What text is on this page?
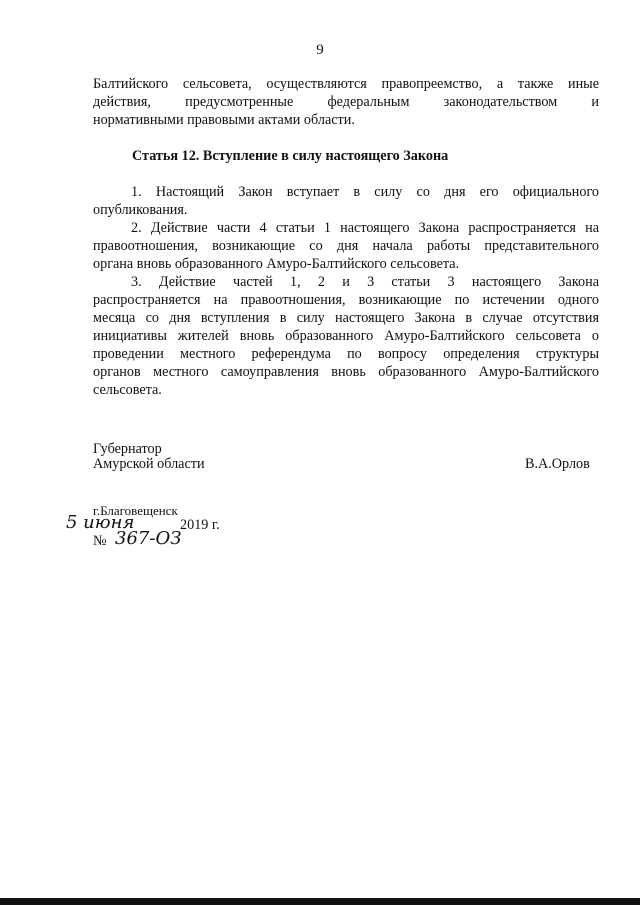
9
Балтийского сельсовета, осуществляются правопреемство, а также иные
действия, предусмотренные федеральным законодательством и
нормативными правовыми актами области.
Статья 12. Вступление в силу настоящего Закона
1. Настоящий Закон вступает в силу со дня его официального
опубликования.
2. Действие части 4 статьи 1 настоящего Закона распространяется на
правоотношения, возникающие со дня начала работы представительного
органа вновь образованного Амуро-Балтийского сельсовета.
3. Действие частей 1, 2 и 3 статьи 3 настоящего Закона
распространяется на правоотношения, возникающие по истечении одного
месяца со дня вступления в силу настоящего Закона в случае отсутствия
инициативы жителей вновь образованного Амуро-Балтийского сельсовета о
проведении местного референдума по вопросу определения структуры
органов местного самоуправления вновь образованного Амуро-Балтийского
сельсовета.
Губернатор
Амурской области	В.А.Орлов
г.Благовещенск
5 июня	2019 г.
№ 367-ОЗ
